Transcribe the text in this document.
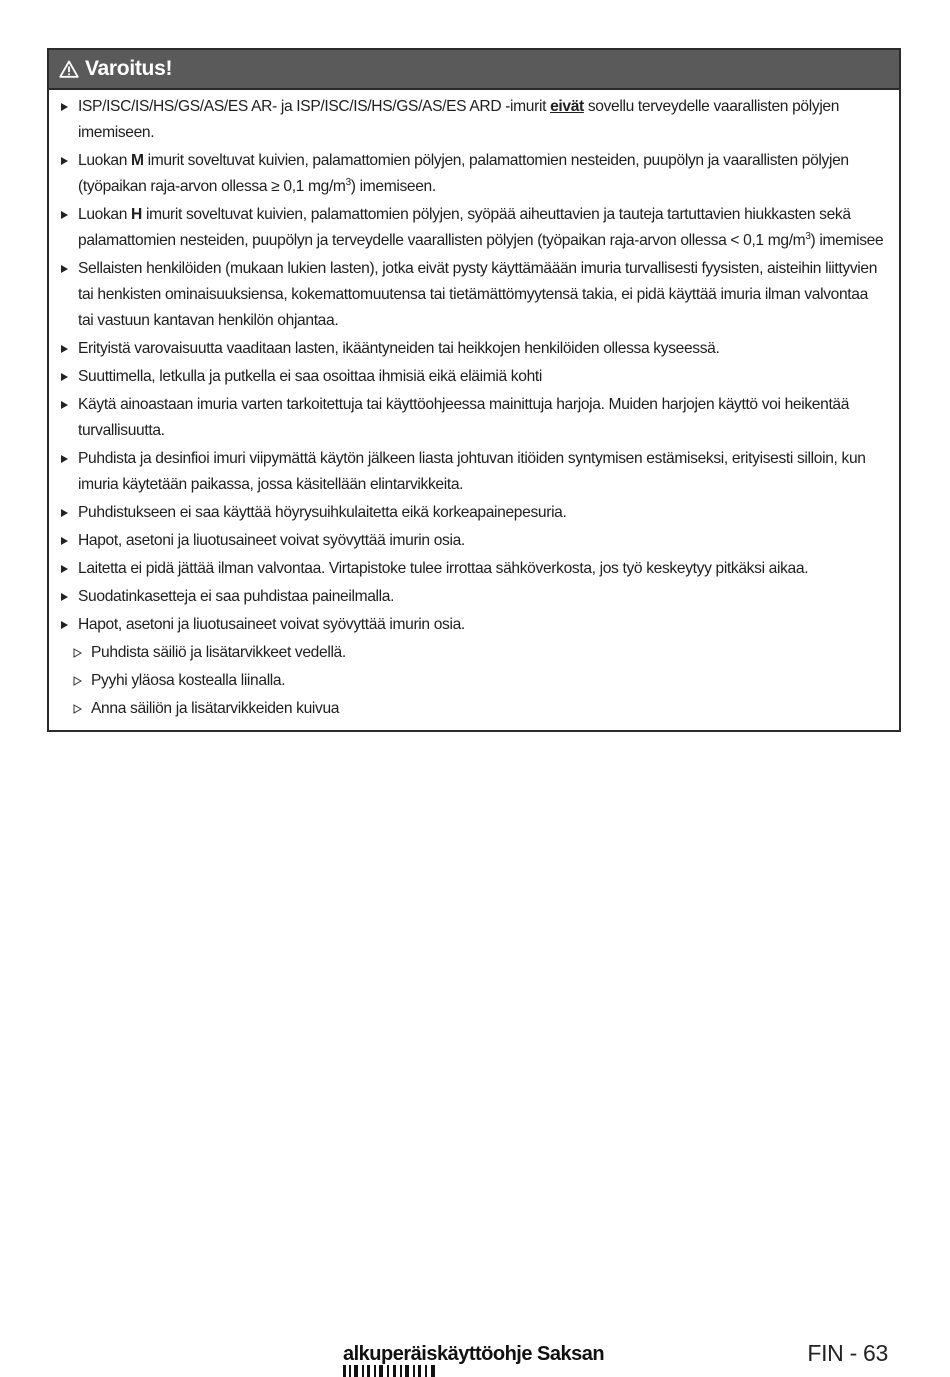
Varoitus!
ISP/ISC/IS/HS/GS/AS/ES AR- ja ISP/ISC/IS/HS/GS/AS/ES ARD -imurit eivät sovellu terveydelle vaarallisten pölyjen imemiseen.
Luokan M imurit soveltuvat kuivien, palamattomien pölyjen, palamattomien nesteiden, puupölyn ja vaarallisten pölyjen (työpaikan raja-arvon ollessa ≥ 0,1 $mg/m^3$) imemiseen.
Luokan H imurit soveltuvat kuivien, palamattomien pölyjen, syöpää aiheuttavien ja tauteja tartuttavien hiukkasten sekä palamattomien nesteiden, puupölyn ja terveydelle vaarallisten pölyjen (työpaikan raja-arvon ollessa < 0,1 $mg/m^3$) imemisee
Sellaisten henkilöiden (mukaan lukien lasten), jotka eivät pysty käyttämäään imuria turvallisesti fyysisten, aisteihin liittyvien tai henkisten ominaisuuksiensa, kokemattomuutensa tai tietämättömyytensä takia, ei pidä käyttää imuria ilman valvontaa tai vastuun kantavan henkilön ohjantaa.
Erityistä varovaisuutta vaaditaan lasten, ikääntyneiden tai heikkojen henkilöiden ollessa kyseessä.
Suuttimella, letkulla ja putkella ei saa osoittaa ihmisiä eikä eläimiä kohti
Käytä ainoastaan imuria varten tarkoitettuja tai käyttöohjeessa mainittuja harjoja. Muiden harjojen käyttö voi heikentää turvallisuutta.
Puhdista ja desinfioi imuri viipymättä käytön jälkeen liasta johtuvan itiöiden syntymisen estämiseksi, erityisesti silloin, kun imuria käytetään paikassa, jossa käsitellään elintarvikkeita.
Puhdistukseen ei saa käyttää höyrysuihkulaitetta eikä korkeapainepesuria.
Hapot, asetoni ja liuotusaineet voivat syövyttää imurin osia.
Laitetta ei pidä jättää ilman valvontaa. Virtapistoke tulee irrottaa sähköverkosta, jos työ keskeytyy pitkäksi aikaa.
Suodatinkasetteja ei saa puhdistaa paineilmalla.
Hapot, asetoni ja liuotusaineet voivat syövyttää imurin osia.
Puhdista säiliö ja lisätarvikkeet vedellä.
Pyyhi yläosa kostealla liinalla.
Anna säiliön ja lisätarvikkeiden kuivua
alkuperäiskäyttöohje Saksan	FIN - 63
